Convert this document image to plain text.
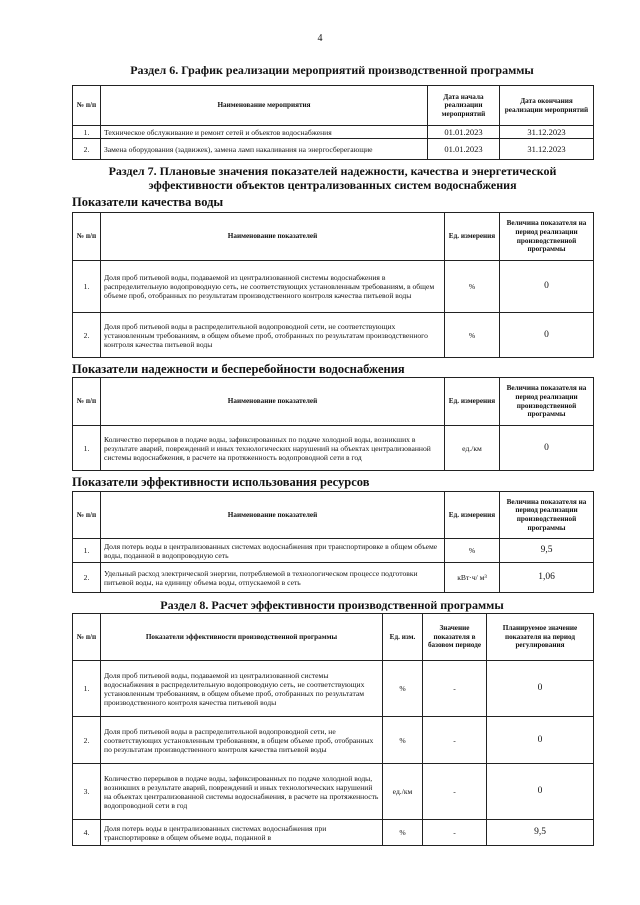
4
Раздел 6. График реализации мероприятий производственной программы
№ п/п	Наименование мероприятия	Дата начала реализации мероприятий	Дата окончания реализации мероприятий
1.	Техническое обслуживание и ремонт сетей и объектов водоснабжения	01.01.2023	31.12.2023
2.	Замена оборудования (задвижек), замена ламп накаливания на энергосберегающие	01.01.2023	31.12.2023
Раздел 7. Плановые значения показателей надежности, качества и энергетической
эффективности объектов централизованных систем водоснабжения
Показатели качества воды
№ п/п	Наименование показателей	Ед. измерения	Величина показателя на период реализации производственной программы
1.	Доля проб питьевой воды, подаваемой из централизованной системы водоснабжения в распределительную водопроводную сеть, не соответствующих установленным требованиям, в общем объеме проб, отобранных по результатам производственного контроля качества питьевой воды	%	0
2.	Доля проб питьевой воды в распределительной водопроводной сети, не соответствующих установленным требованиям, в общем объеме проб, отобранных по результатам производственного контроля качества питьевой воды	%	0
Показатели надежности и бесперебойности водоснабжения
№ п/п	Наименование показателей	Ед. измерения	Величина показателя на период реализации производственной программы
1.	Количество перерывов в подаче воды, зафиксированных по подаче холодной воды, возникших в результате аварий, повреждений и иных технологических нарушений на объектах централизованной системы водоснабжения, в расчете на протяженность водопроводной сети в год	ед./км	0
Показатели эффективности использования ресурсов
№ п/п	Наименование показателей	Ед. измерения	Величина показателя на период реализации производственной программы
1.	Доля потерь воды в централизованных системах водоснабжения при транспортировке в общем объеме воды, поданной в водопроводную сеть	%	9,5
2.	Удельный расход электрической энергии, потребляемой в технологическом процессе подготовки питьевой воды, на единицу объема воды, отпускаемой в сеть	кВт·ч/ м³	1,06
Раздел 8. Расчет эффективности производственной программы
№ п/п	Показатели эффективности производственной программы	Ед. изм.	Значение показателя в базовом периоде	Планируемое значение показателя на период регулирования
1.	Доля проб питьевой воды, подаваемой из централизованной системы водоснабжения в распределительную водопроводную сеть, не соответствующих установленным требованиям, в общем объеме проб, отобранных по результатам производственного контроля качества питьевой воды	%	-	0
2.	Доля проб питьевой воды в распределительной водопроводной сети, не соответствующих установленным требованиям, в общем объеме проб, отобранных по результатам производственного контроля качества питьевой воды	%	-	0
3.	Количество перерывов в подаче воды, зафиксированных по подаче холодной воды, возникших в результате аварий, повреждений и иных технологических нарушений на объектах централизованной системы водоснабжения, в расчете на протяженность водопроводной сети в год	ед./км	-	0
4.	Доля потерь воды в централизованных системах водоснабжения при транспортировке в общем объеме воды, поданной в	%	-	9,5
